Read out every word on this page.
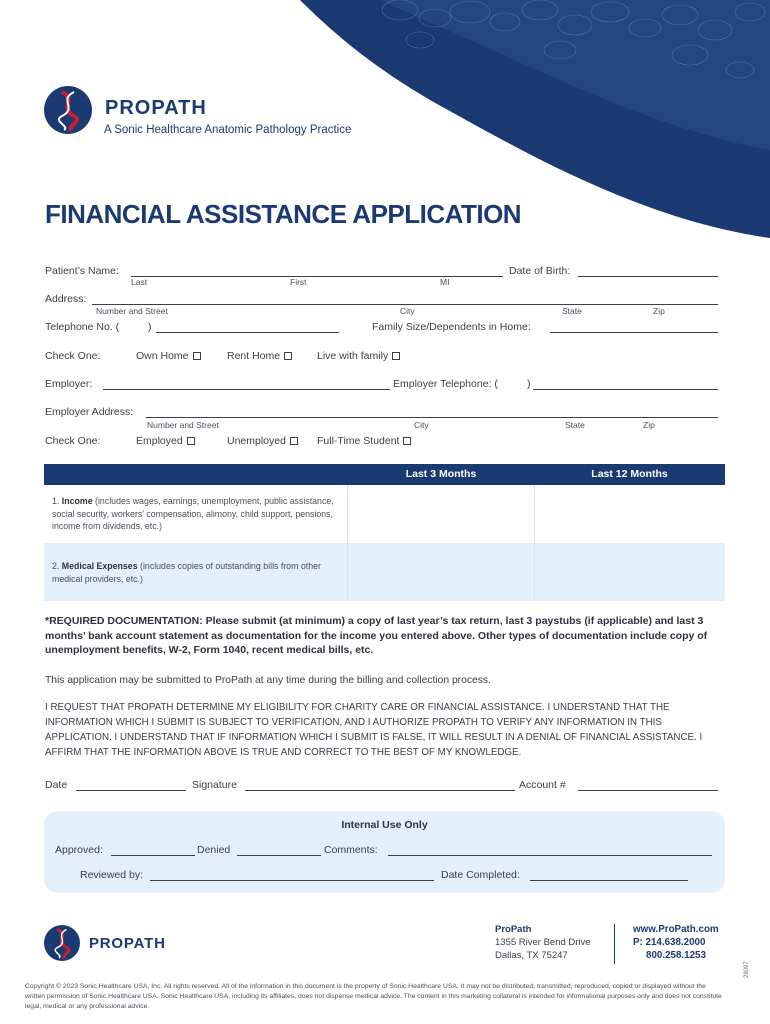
PROPATH
A Sonic Healthcare Anatomic Pathology Practice
FINANCIAL ASSISTANCE APPLICATION
Patient’s Name:	Date of Birth:
Last	First	MI
Address:
Number and Street	City	State	Zip
Telephone No. (	)	Family Size/Dependents in Home:
Check One:	Own Home	Rent Home	Live with family
Employer:	Employer Telephone: (	)
Employer Address:
Number and Street	City	State	Zip
Check One:	Employed	Unemployed	Full-Time Student
Last 3 Months	Last 12 Months
1. Income (includes wages, earnings, unemployment, public assistance, social security, workers’ compensation, alimony, child support, pensions, income from dividends, etc.)
2. Medical Expenses (includes copies of outstanding bills from other medical providers, etc.)
*REQUIRED DOCUMENTATION: Please submit (at minimum) a copy of last year’s tax return, last 3 paystubs (if applicable) and last 3 months’ bank account statement as documentation for the income you entered above. Other types of documentation include copy of unemployment benefits, W-2, Form 1040, recent medical bills, etc.
This application may be submitted to ProPath at any time during the billing and collection process.
I REQUEST THAT PROPATH DETERMINE MY ELIGIBILITY FOR CHARITY CARE OR FINANCIAL ASSISTANCE. I UNDERSTAND THAT THE INFORMATION WHICH I SUBMIT IS SUBJECT TO VERIFICATION, AND I AUTHORIZE PROPATH TO VERIFY ANY INFORMATION IN THIS APPLICATION. I UNDERSTAND THAT IF INFORMATION WHICH I SUBMIT IS FALSE, IT WILL RESULT IN A DENIAL OF FINANCIAL ASSISTANCE. I AFFIRM THAT THE INFORMATION ABOVE IS TRUE AND CORRECT TO THE BEST OF MY KNOWLEDGE.
Date	Signature	Account #
Internal Use Only
Approved:	Denied	Comments:
Reviewed by:	Date Completed:
PROPATH
ProPath
1355 River Bend Drive
Dallas, TX 75247
www.ProPath.com
P: 214.638.2000
800.258.1253
Copyright © 2023 Sonic Healthcare USA, Inc. All rights reserved. All of the information in this document is the property of Sonic Healthcare USA. It may not be distributed, transmitted, reproduced, copied or displayed without the written permission of Sonic Healthcare USA. Sonic Healthcare USA, including its affiliates, does not dispense medical advice. The content in this marketing collateral is intended for informational purposes only and does not constitute legal, medical or any professional advice.
28097
